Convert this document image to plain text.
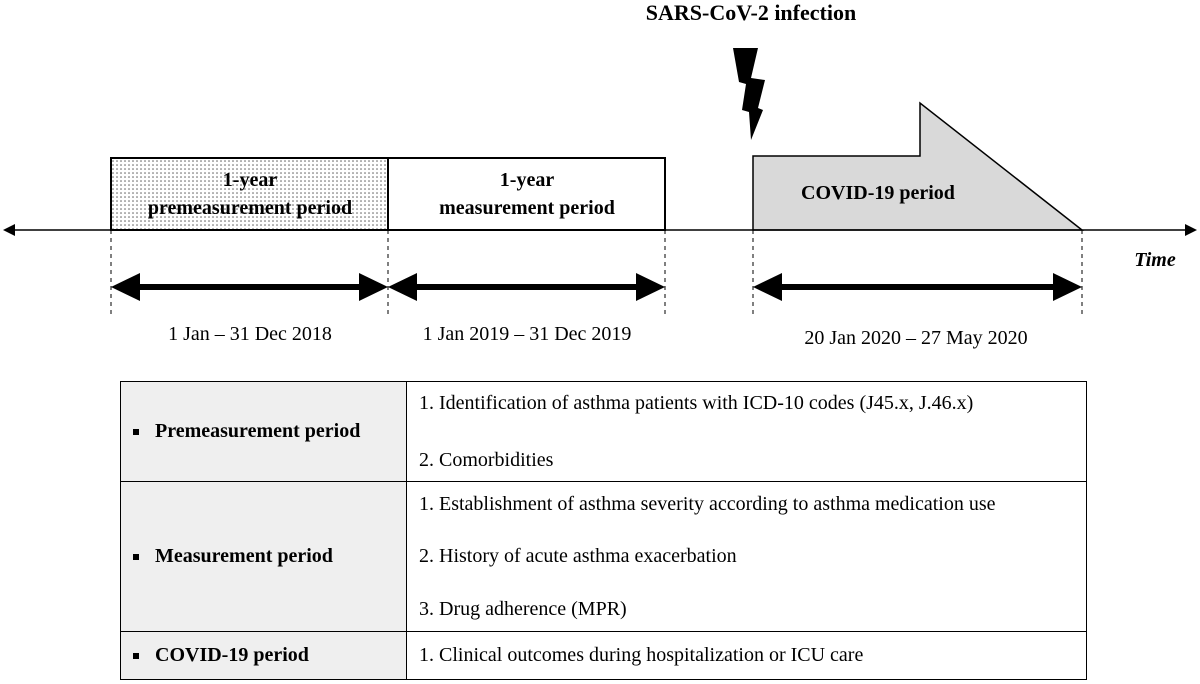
SARS-CoV-2 infection
1-year
premeasurement period
1-year
measurement period
COVID-19 period
Time
1 Jan – 31 Dec 2018	1 Jan 2019 – 31 Dec 2019	20 Jan 2020 – 27 May 2020
Premeasurement period	1. Identification of asthma patients with ICD-10 codes (J45.x, J.46.x)
2. Comorbidities

Measurement period	1. Establishment of asthma severity according to asthma medication use
2. History of acute asthma exacerbation
3. Drug adherence (MPR)

COVID-19 period	1. Clinical outcomes during hospitalization or ICU care
